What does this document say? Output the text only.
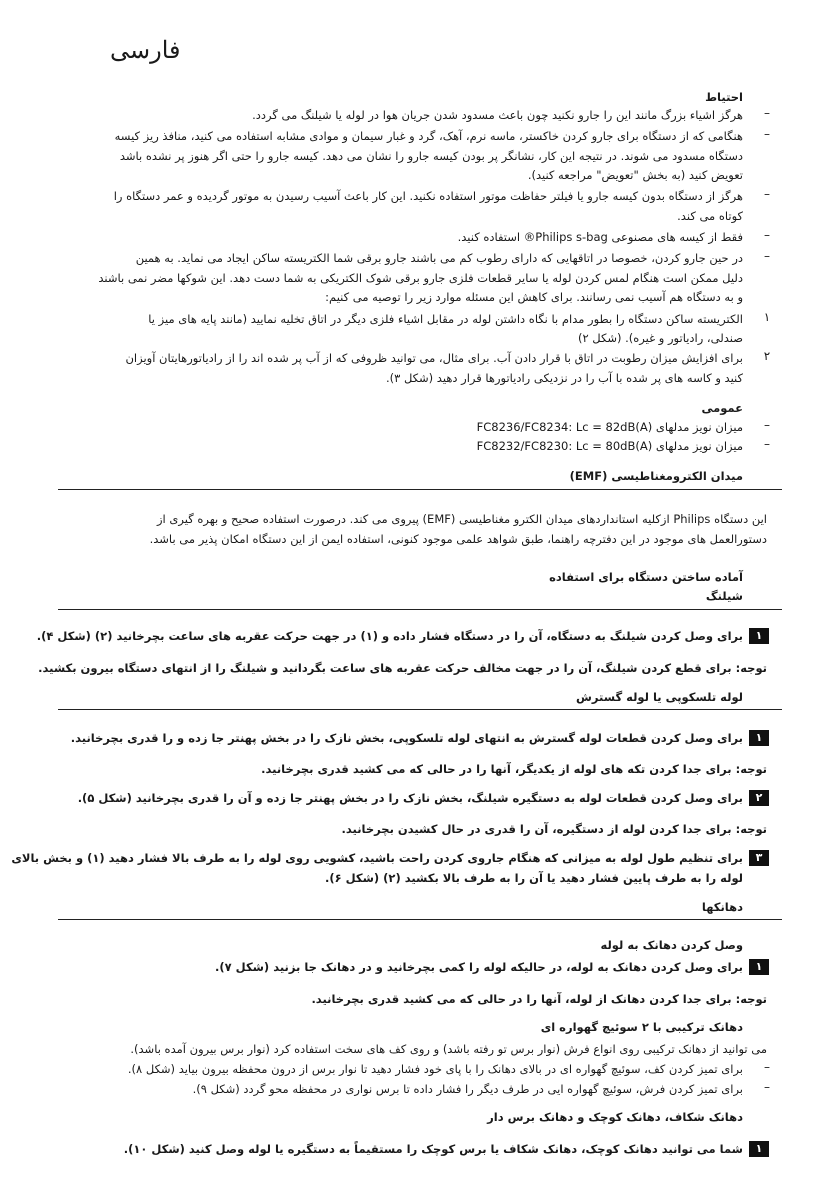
فارسی
احتیاط
–
هرگز اشیاء بزرگ مانند این را جارو نکنید چون باعث مسدود شدن جریان هوا در لوله یا شیلنگ می گردد.
–
هنگامی که از دستگاه برای جارو کردن خاکستر، ماسه نرم، آهک، گرد و غبار سیمان و موادی مشابه استفاده می کنید، منافذ ریز کیسه
دستگاه مسدود می شوند. در نتیجه این کار، نشانگر پر بودن کیسه جارو را نشان می دهد. کیسه جارو را حتی اگر هنوز پر نشده باشد
تعویض کنید (به بخش "تعویض" مراجعه کنید).
–
هرگز از دستگاه بدون کیسه جارو یا فیلتر حفاظت موتور استفاده نکنید. این کار باعث آسیب رسیدن به موتور گردیده و عمر دستگاه را
کوتاه می کند.
–
فقط از کیسه های مصنوعی Philips s-bag® استفاده کنید.
–
در حین جارو کردن، خصوصا در اتاقهایی که دارای رطوب کم می باشند جارو برقی شما الکتریسته ساکن ایجاد می نماید. به همین
دلیل ممکن است هنگام لمس کردن لوله یا سایر قطعات فلزی جارو برقی شوک الکتریکی به شما دست دهد. این شوکها مضر نمی باشند
و به دستگاه هم آسیب نمی رسانند. برای کاهش این مسئله موارد زیر را توصیه می کنیم:
۱
الکتریسته ساکن دستگاه را بطور مدام با نگاه داشتن لوله در مقابل اشیاء فلزی دیگر در اتاق تخلیه نمایید (مانند پایه های میز یا
صندلی، رادیاتور و غیره). (شکل ۲)
۲
برای افزایش میزان رطوبت در اتاق با قرار دادن آب. برای مثال، می توانید ظروفی که از آب پر شده اند را از رادیاتورهایتان آویزان
کنید و کاسه های پر شده با آب را در نزدیکی رادیاتورها قرار دهید (شکل ۳).
عمومی
–
میزان نویز مدلهای FC8236/FC8234: Lc = 82dB(A)
–
میزان نویز مدلهای FC8232/FC8230: Lc = 80dB(A)
میدان الکترومغناطیسی (EMF)
این دستگاه Philips ازکلیه استانداردهای میدان الکترو مغناطیسی (EMF) پیروی می کند. درصورت استفاده صحیح و بهره گیری از
دستورالعمل های موجود در این دفترچه راهنما، طبق شواهد علمی موجود کنونی، استفاده ایمن از این دستگاه امکان پذیر می باشد.
آماده ساختن دستگاه برای استفاده
شیلنگ
۱
برای وصل کردن شیلنگ به دستگاه، آن را در دستگاه فشار داده و (۱) در جهت حرکت عقربه های ساعت بچرخانید (۲) (شکل ۴).
توجه: برای قطع کردن شیلنگ، آن را در جهت مخالف حرکت عقربه های ساعت بگردانید و شیلنگ را از انتهای دستگاه بیرون بکشید.
لوله تلسکوپی یا لوله گسترش
۱
برای وصل کردن قطعات لوله گسترش به انتهای لوله تلسکوپی، بخش نازک را در بخش پهنتر جا زده و را قدری بچرخانید.
توجه: برای جدا کردن تکه های لوله از یکدیگر، آنها را در حالی که می کشید قدری بچرخانید.
۲
برای وصل کردن قطعات لوله به دستگیره شیلنگ، بخش نازک را در بخش پهنتر جا زده و آن را قدری بچرخانید (شکل ۵).
توجه: برای جدا کردن لوله از دستگیره، آن را قدری در حال کشیدن بچرخانید.
۳
برای تنظیم طول لوله به میزانی که هنگام جاروی کردن راحت باشید، کشویی روی لوله را به طرف بالا فشار دهید (۱) و بخش بالای
لوله را به طرف پایین فشار دهید یا آن را به طرف بالا بکشید (۲) (شکل ۶).
دهانکها
وصل کردن دهانک به لوله
۱
برای وصل کردن دهانک به لوله، در حالیکه لوله را کمی بچرخانید و در دهانک جا بزنید (شکل ۷).
توجه: برای جدا کردن دهانک از لوله، آنها را در حالی که می کشید قدری بچرخانید.
دهانک ترکیبی با ۲ سوئیچ گهواره ای
می توانید از دهانک ترکیبی روی انواع فرش (نوار برس تو رفته باشد) و روی کف های سخت استفاده کرد (نوار برس بیرون آمده باشد).
–
برای تمیز کردن کف، سوئیچ گهواره ای در بالای دهانک را با پای خود فشار دهید تا نوار برس از درون محفظه بیرون بیاید (شکل ۸).
–
برای تمیز کردن فرش، سوئیچ گهواره ایی در طرف دیگر را فشار داده تا برس نواری در محفظه محو گردد (شکل ۹).
دهانک شکاف، دهانک کوچک و دهانک برس دار
۱
شما می توانید دهانک کوچک، دهانک شکاف یا برس کوچک را مستقیماً به دستگیره یا لوله وصل کنید (شکل ۱۰).
